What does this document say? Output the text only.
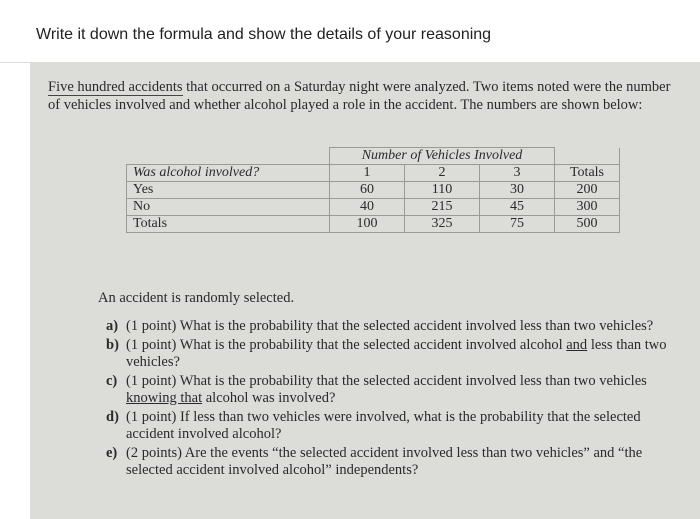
Write it down the formula and show the details of your reasoning
Five hundred accidents that occurred on a Saturday night were analyzed. Two items noted were the number of vehicles involved and whether alcohol played a role in the accident. The numbers are shown below:
	Number of Vehicles Involved			
Was alcohol involved?	1	2	3	Totals
Yes	60	110	30	200
No	40	215	45	300
Totals	100	325	75	500
An accident is randomly selected.
a) (1 point) What is the probability that the selected accident involved less than two vehicles?
b) (1 point) What is the probability that the selected accident involved alcohol and less than two vehicles?
c) (1 point) What is the probability that the selected accident involved less than two vehicles knowing that alcohol was involved?
d) (1 point) If less than two vehicles were involved, what is the probability that the selected accident involved alcohol?
e) (2 points) Are the events “the selected accident involved less than two vehicles” and “the selected accident involved alcohol” independents?
